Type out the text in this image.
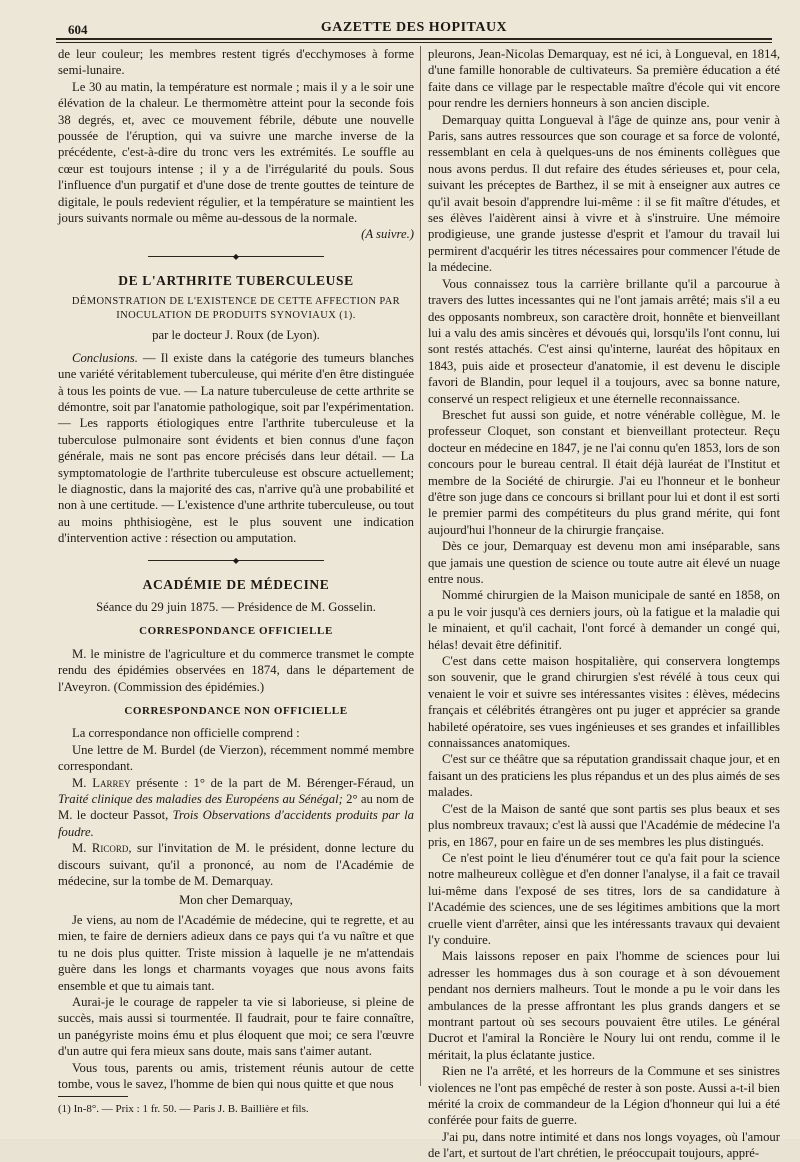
604	GAZETTE DES HOPITAUX

de leur couleur; les membres restent tigrés d'ecchymoses à forme semi-lunaire.

Le 30 au matin, la température est normale ; mais il y a le soir une élévation de la chaleur. Le thermomètre atteint pour la seconde fois 38 degrés, et, avec ce mouvement fébrile, débute une nouvelle poussée de l'éruption, qui va suivre une marche inverse de la précédente, c'est-à-dire du tronc vers les extrémités. Le souffle au cœur est toujours intense ; il y a de l'irrégularité du pouls. Sous l'influence d'un purgatif et d'une dose de trente gouttes de teinture de digitale, le pouls redevient régulier, et la température se maintient les jours suivants normale ou même au-dessous de la normale.

(A suivre.)

◆
DE L'ARTHRITE TUBERCULEUSE
DÉMONSTRATION DE L'EXISTENCE DE CETTE AFFECTION PAR INOCULATION DE PRODUITS SYNOVIAUX (1).

par le docteur J. Roux (de Lyon).

Conclusions. — Il existe dans la catégorie des tumeurs blanches une variété véritablement tuberculeuse, qui mérite d'en être distinguée à tous les points de vue. — La nature tuberculeuse de cette arthrite se démontre, soit par l'anatomie pathologique, soit par l'expérimentation. — Les rapports étiologiques entre l'arthrite tuberculeuse et la tuberculose pulmonaire sont évidents et bien connus d'une façon générale, mais ne sont pas encore précisés dans leur détail. — La symptomatologie de l'arthrite tuberculeuse est obscure actuellement; le diagnostic, dans la majorité des cas, n'arrive qu'à une probabilité et non à une certitude. — L'existence d'une arthrite tuberculeuse, ou tout au moins phthisiogène, est le plus souvent une indication d'intervention active : résection ou amputation.

◆
ACADÉMIE DE MÉDECINE

Séance du 29 juin 1875. — Présidence de M. Gosselin.

CORRESPONDANCE OFFICIELLE

M. le ministre de l'agriculture et du commerce transmet le compte rendu des épidémies observées en 1874, dans le département de l'Aveyron. (Commission des épidémies.)

CORRESPONDANCE NON OFFICIELLE

La correspondance non officielle comprend :

Une lettre de M. Burdel (de Vierzon), récemment nommé membre correspondant.

M. Larrey présente : 1° de la part de M. Bérenger-Féraud, un Traité clinique des maladies des Européens au Sénégal; 2° au nom de M. le docteur Passot, Trois Observations d'accidents produits par la foudre.

M. Ricord, sur l'invitation de M. le président, donne lecture du discours suivant, qu'il a prononcé, au nom de l'Académie de médecine, sur la tombe de M. Demarquay.

Mon cher Demarquay,

Je viens, au nom de l'Académie de médecine, qui te regrette, et au mien, te faire de derniers adieux dans ce pays qui t'a vu naître et que tu ne dois plus quitter. Triste mission à laquelle je ne m'attendais guère dans les longs et charmants voyages que nous avons faits ensemble et que tu aimais tant.

Aurai-je le courage de rappeler ta vie si laborieuse, si pleine de succès, mais aussi si tourmentée. Il faudrait, pour te faire connaître, un panégyriste moins ému et plus éloquent que moi; ce sera l'œuvre d'un autre qui fera mieux sans doute, mais sans t'aimer autant.

Vous tous, parents ou amis, tristement réunis autour de cette tombe, vous le savez, l'homme de bien qui nous quitte et que nous

(1) In-8°. — Prix : 1 fr. 50. — Paris J. B. Baillière et fils.

pleurons, Jean-Nicolas Demarquay, est né ici, à Longueval, en 1814, d'une famille honorable de cultivateurs. Sa première éducation a été faite dans ce village par le respectable maître d'école qui vit encore pour rendre les derniers honneurs à son ancien disciple.

Demarquay quitta Longueval à l'âge de quinze ans, pour venir à Paris, sans autres ressources que son courage et sa force de volonté, ressemblant en cela à quelques-uns de nos éminents collègues que nous avons perdus. Il dut refaire des études sérieuses et, pour cela, suivant les préceptes de Barthez, il se mit à enseigner aux autres ce qu'il avait besoin d'apprendre lui-même : il se fit maître d'études, et ses élèves l'aidèrent ainsi à vivre et à s'instruire. Une mémoire prodigieuse, une grande justesse d'esprit et l'amour du travail lui permirent d'acquérir les titres nécessaires pour commencer l'étude de la médecine.

Vous connaissez tous la carrière brillante qu'il a parcourue à travers des luttes incessantes qui ne l'ont jamais arrêté; mais s'il a eu des opposants nombreux, son caractère droit, honnête et bienveillant lui a valu des amis sincères et dévoués qui, lorsqu'ils l'ont connu, lui sont restés attachés. C'est ainsi qu'interne, lauréat des hôpitaux en 1843, puis aide et prosecteur d'anatomie, il est devenu le disciple favori de Blandin, pour lequel il a toujours, avec sa bonne nature, conservé un respect religieux et une éternelle reconnaissance.

Breschet fut aussi son guide, et notre vénérable collègue, M. le professeur Cloquet, son constant et bienveillant protecteur. Reçu docteur en médecine en 1847, je ne l'ai connu qu'en 1853, lors de son concours pour le bureau central. Il était déjà lauréat de l'Institut et membre de la Société de chirurgie. J'ai eu l'honneur et le bonheur d'être son juge dans ce concours si brillant pour lui et dont il est sorti le premier parmi des compétiteurs du plus grand mérite, qui font aujourd'hui l'honneur de la chirurgie française.

Dès ce jour, Demarquay est devenu mon ami inséparable, sans que jamais une question de science ou toute autre ait élevé un nuage entre nous.

Nommé chirurgien de la Maison municipale de santé en 1858, on a pu le voir jusqu'à ces derniers jours, où la fatigue et la maladie qui le minaient, et qu'il cachait, l'ont forcé à demander un congé qui, hélas! devait être définitif.

C'est dans cette maison hospitalière, qui conservera longtemps son souvenir, que le grand chirurgien s'est révélé à tous ceux qui venaient le voir et suivre ses intéressantes visites : élèves, médecins français et célébrités étrangères ont pu juger et apprécier sa grande habileté opératoire, ses vues ingénieuses et ses grandes et infaillibles connaissances anatomiques.

C'est sur ce théâtre que sa réputation grandissait chaque jour, et en faisant un des praticiens les plus répandus et un des plus aimés de ses malades.

C'est de la Maison de santé que sont partis ses plus beaux et ses plus nombreux travaux; c'est là aussi que l'Académie de médecine l'a pris, en 1867, pour en faire un de ses membres les plus distingués.

Ce n'est point le lieu d'énumérer tout ce qu'a fait pour la science notre malheureux collègue et d'en donner l'analyse, il a fait ce travail lui-même dans l'exposé de ses titres, lors de sa candidature à l'Académie des sciences, une de ses légitimes ambitions que la mort cruelle vient d'arrêter, ainsi que les intéressants travaux qui devaient l'y conduire.

Mais laissons reposer en paix l'homme de sciences pour lui adresser les hommages dus à son courage et à son dévouement pendant nos derniers malheurs. Tout le monde a pu le voir dans les ambulances de la presse affrontant les plus grands dangers et se montrant partout où ses secours pouvaient être utiles. Le général Ducrot et l'amiral la Roncière le Noury lui ont rendu, comme il le méritait, la plus éclatante justice.

Rien ne l'a arrêté, et les horreurs de la Commune et ses sinistres violences ne l'ont pas empêché de rester à son poste. Aussi a-t-il bien mérité la croix de commandeur de la Légion d'honneur qui lui a été conférée pour faits de guerre.

J'ai pu, dans notre intimité et dans nos longs voyages, où l'amour de l'art, et surtout de l'art chrétien, le préoccupait toujours, appré-
